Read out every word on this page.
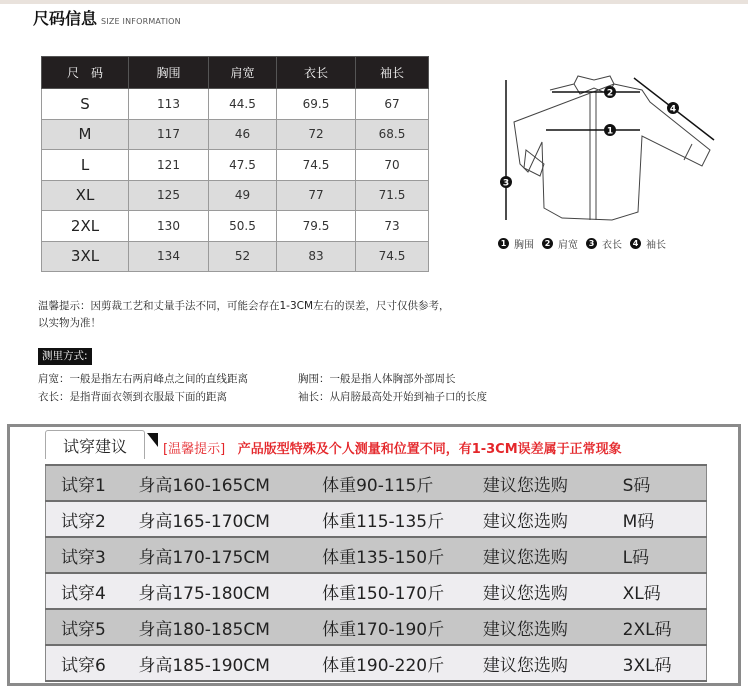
尺码信息 SIZE INFORMATION
尺　码	胸围	肩宽	衣长	袖长
S	113	44.5	69.5	67
M	117	46	72	68.5
L	121	47.5	74.5	70
XL	125	49	77	71.5
2XL	130	50.5	79.5	73
3XL	134	52	83	74.5
2
1
3
4
1 胸围	2 肩宽	3 衣长	4 袖长
温馨提示：因剪裁工艺和丈量手法不同，可能会存在1-3CM左右的误差，尺寸仅供参考，
以实物为准！
测里方式:
肩宽：一般是指左右两肩峰点之间的直线距离	胸围：一般是指人体胸部外部周长
衣长：是指背面衣领到衣服最下面的距离	袖长：从肩膀最高处开始到袖子口的长度
试穿建议	[温馨提示] 产品版型特殊及个人测量和位置不同，有1-3CM误差属于正常现象
试穿1	身高160-165CM	体重90-115斤	建议您选购	S码
试穿2	身高165-170CM	体重115-135斤	建议您选购	M码
试穿3	身高170-175CM	体重135-150斤	建议您选购	L码
试穿4	身高175-180CM	体重150-170斤	建议您选购	XL码
试穿5	身高180-185CM	体重170-190斤	建议您选购	2XL码
试穿6	身高185-190CM	体重190-220斤	建议您选购	3XL码
